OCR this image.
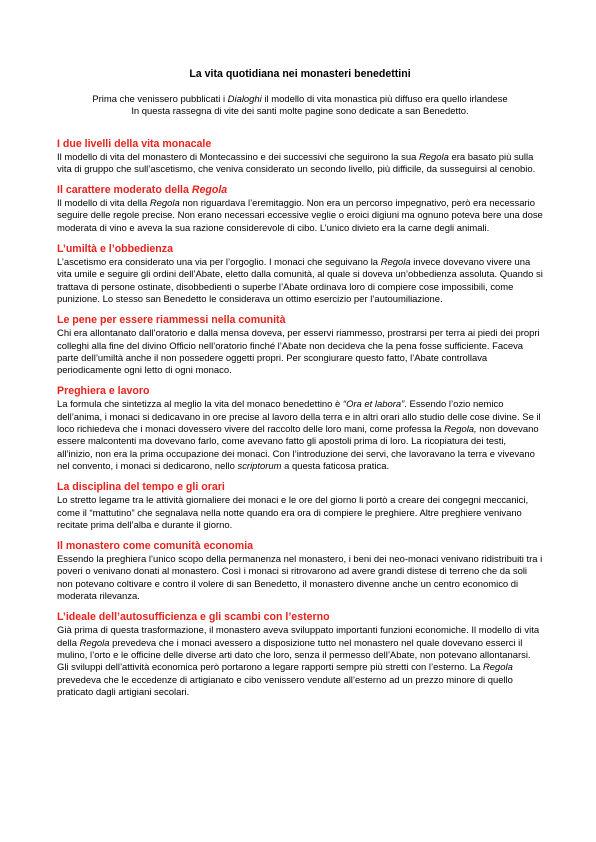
La vita quotidiana nei monasteri benedettini

Prima che venissero pubblicati i Dialoghi il modello di vita monastica più diffuso era quello irlandese

In questa rassegna di vite dei santi molte pagine sono dedicate a san Benedetto.

I due livelli della vita monacale

Il modello di vita del monastero di Montecassino e dei successivi che seguirono la sua Regola era basato più sulla vita di gruppo che sull’ascetismo, che veniva considerato un secondo livello, più difficile, da susseguirsi al cenobio.

Il carattere moderato della Regola

Il modello di vita della Regola non riguardava l’eremitaggio. Non era un percorso impegnativo, però era necessario seguire delle regole precise. Non erano necessari eccessive veglie o eroici digiuni ma ognuno poteva bere una dose moderata di vino e aveva la sua razione considerevole di cibo. L’unico divieto era la carne degli animali.

L’umiltà e l’obbedienza

L’ascetismo era considerato una via per l’orgoglio. I monaci che seguivano la Regola invece dovevano vivere una vita umile e seguire gli ordini dell’Abate, eletto dalla comunità, al quale si doveva un’obbedienza assoluta. Quando si trattava di persone ostinate, disobbedienti o superbe l’Abate ordinava loro di compiere cose impossibili, come punizione. Lo stesso san Benedetto le considerava un ottimo esercizio per l’autoumiliazione.

Le pene per essere riammessi nella comunità

Chi era allontanato dall’oratorio e dalla mensa doveva, per esservi riammesso, prostrarsi per terra ai piedi dei propri colleghi alla fine del divino Officio nell’oratorio finché l’Abate non decideva che la pena fosse sufficiente. Faceva parte dell’umiltà anche il non possedere oggetti propri. Per scongiurare questo fatto, l’Abate controllava periodicamente ogni letto di ogni monaco.

Preghiera e lavoro

La formula che sintetizza al meglio la vita del monaco benedettino è “Ora et labora”. Essendo l’ozio nemico dell’anima, i monaci si dedicavano in ore precise al lavoro della terra e in altri orari allo studio delle cose divine. Se il loco richiedeva che i monaci dovessero vivere del raccolto delle loro mani, come professa la Regola, non dovevano essere malcontenti ma dovevano farlo, come avevano fatto gli apostoli prima di loro. La ricopiatura dei testi, all’inizio, non era la prima occupazione dei monaci. Con l’introduzione dei servi, che lavoravano la terra e vivevano nel convento, i monaci si dedicarono, nello scriptorum a questa faticosa pratica.

La disciplina del tempo e gli orari

Lo stretto legame tra le attività giornaliere dei monaci e le ore del giorno li portò a creare dei congegni meccanici, come il “mattutino” che segnalava nella notte quando era ora di compiere le preghiere. Altre preghiere venivano recitate prima dell’alba e durante il giorno.

Il monastero come comunità economia

Essendo la preghiera l’unico scopo della permanenza nel monastero, i beni dei neo-monaci venivano ridistribuiti tra i poveri o venivano donati al monastero. Così i monaci si ritrovarono ad avere grandi distese di terreno che da soli non potevano coltivare e contro il volere di san Benedetto, il monastero divenne anche un centro economico di moderata rilevanza.

L’ideale dell’autosufficienza e gli scambi con l’esterno

Già prima di questa trasformazione, il monastero aveva sviluppato importanti funzioni economiche. Il modello di vita della Regola prevedeva che i monaci avessero a disposizione tutto nel monastero nel quale dovevano esserci il mulino, l’orto e le officine delle diverse arti dato che loro, senza il permesso dell’Abate, non potevano allontanarsi. Gli sviluppi dell’attività economica però portarono a legare rapporti sempre più stretti con l’esterno. La Regola prevedeva che le eccedenze di artigianato e cibo venissero vendute all’esterno ad un prezzo minore di quello praticato dagli artigiani secolari.
